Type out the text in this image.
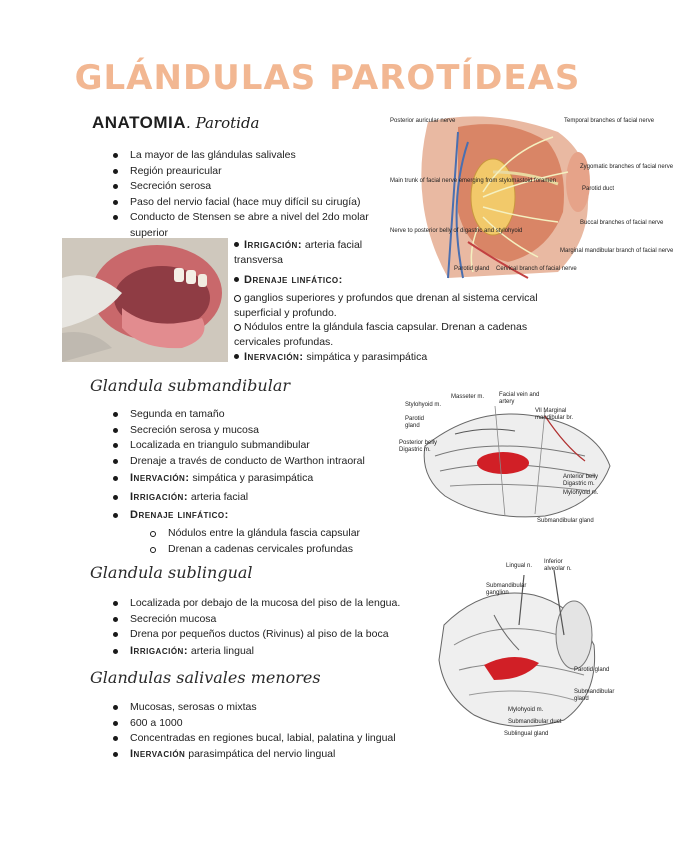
GLÁNDULAS PAROTÍDEAS
ANATOMIA. Parotida
La mayor de las glándulas salivales
Región preauricular
Secreción serosa
Paso del nervio facial (hace muy difícil su cirugía)
Conducto de Stensen se abre a nivel del 2do molar superior
Posterior auricular nerve	Temporal branches of facial nerve
Zygomatic branches of facial nerve
Parotid duct
Buccal branches of facial nerve
Marginal mandibular branch of facial nerve
Cervical branch of facial nerve
Parotid gland
Main trunk of facial nerve emerging from stylomastoid foramen
Nerve to posterior belly of digastric and stylohyoid
Irrigación: arteria facial transversa
Drenaje linfático:
ganglios superiores y profundos que drenan al sistema cervical superficial y profundo.
Nódulos entre la glándula fascia capsular. Drenan a cadenas cervicales profundas.
Inervación: simpática y parasimpática
Glandula submandibular
Segunda en tamaño
Secreción serosa y mucosa
Localizada en triangulo submandibular
Drenaje a través de conducto de Warthon intraoral
Inervación: simpática y parasimpática
Irrigación: arteria facial
Drenaje linfático:
Nódulos entre la glándula fascia capsular
Drenan a cadenas cervicales profundas
Masseter m. Facial vein and artery
Stylohyoid m.
Vll Marginal mandibular br.
Parotid gland
Posterior belly Digastric m.
Anterior belly Digastric m.
Mylohyoid m.
Submandibular gland
Glandula sublingual
Localizada por debajo de la mucosa del piso de la lengua.
Secreción mucosa
Drena por pequeños ductos (Rivinus) al piso de la boca
Irrigación: arteria lingual
Lingual n.
Inferior alveolar n.
Submandibular ganglion
Parotid gland
Submandibular gland
Mylohyoid m.
Submandibular duct
Sublingual gland
Glandulas salivales menores
Mucosas, serosas o mixtas
600 a 1000
Concentradas en regiones bucal, labial, palatina y lingual
Inervación parasimpática del nervio lingual
